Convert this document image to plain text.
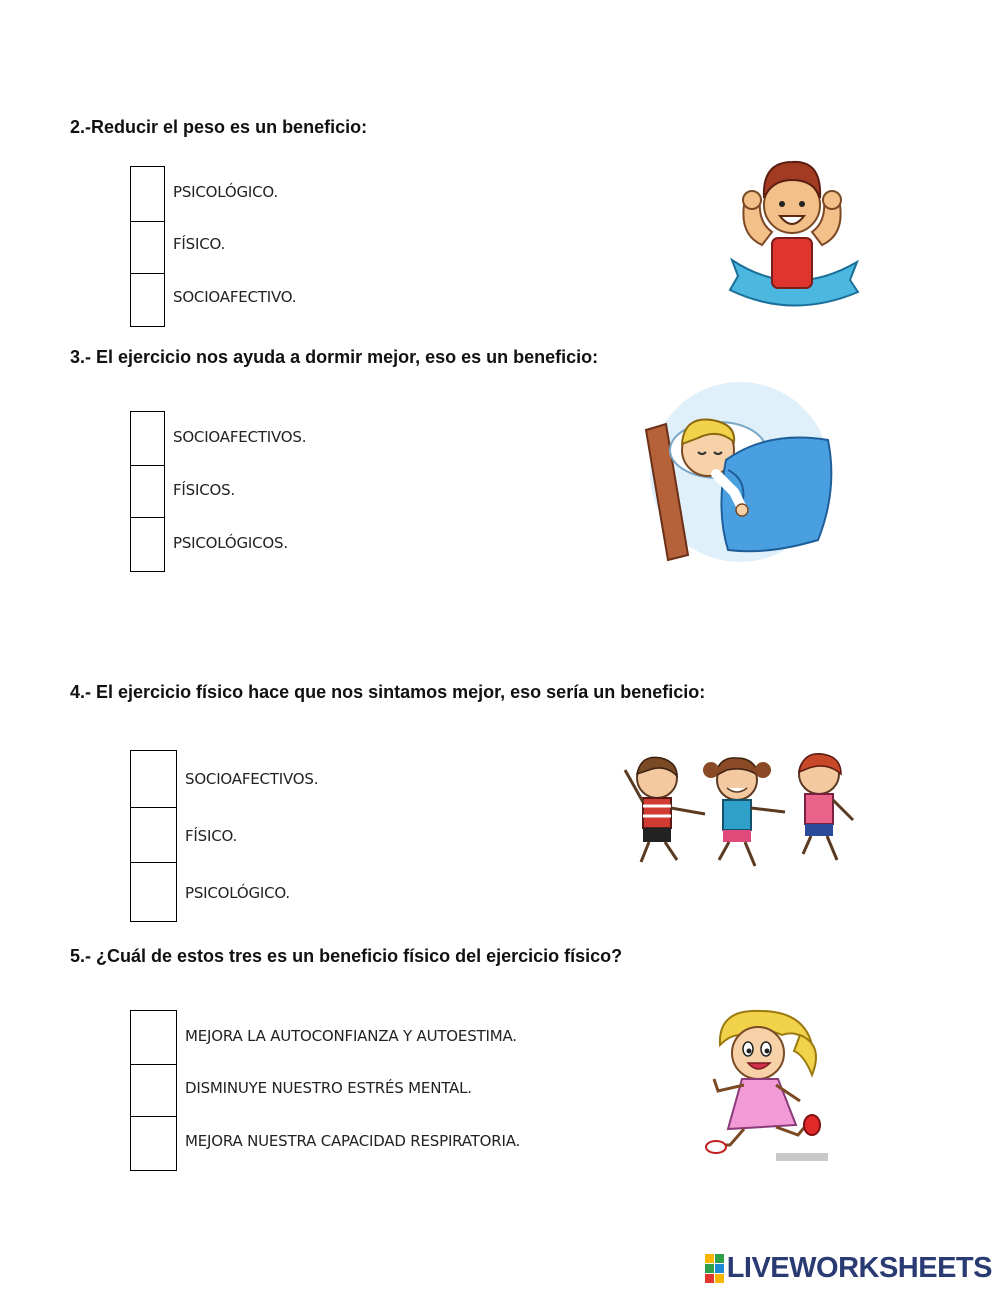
2.-Reducir el peso es un beneficio:
PSICOLÓGICO.
FÍSICO.
SOCIOAFECTIVO.
3.- El ejercicio nos ayuda a dormir mejor, eso es un beneficio:
SOCIOAFECTIVOS.
FÍSICOS.
PSICOLÓGICOS.
4.- El ejercicio físico hace que nos sintamos mejor, eso sería un beneficio:
SOCIOAFECTIVOS.
FÍSICO.
PSICOLÓGICO.
5.- ¿Cuál de estos tres es un beneficio físico del ejercicio físico?
MEJORA LA AUTOCONFIANZA Y AUTOESTIMA.
DISMINUYE NUESTRO ESTRÉS MENTAL.
MEJORA NUESTRA CAPACIDAD RESPIRATORIA.
LIVEWORKSHEETS
